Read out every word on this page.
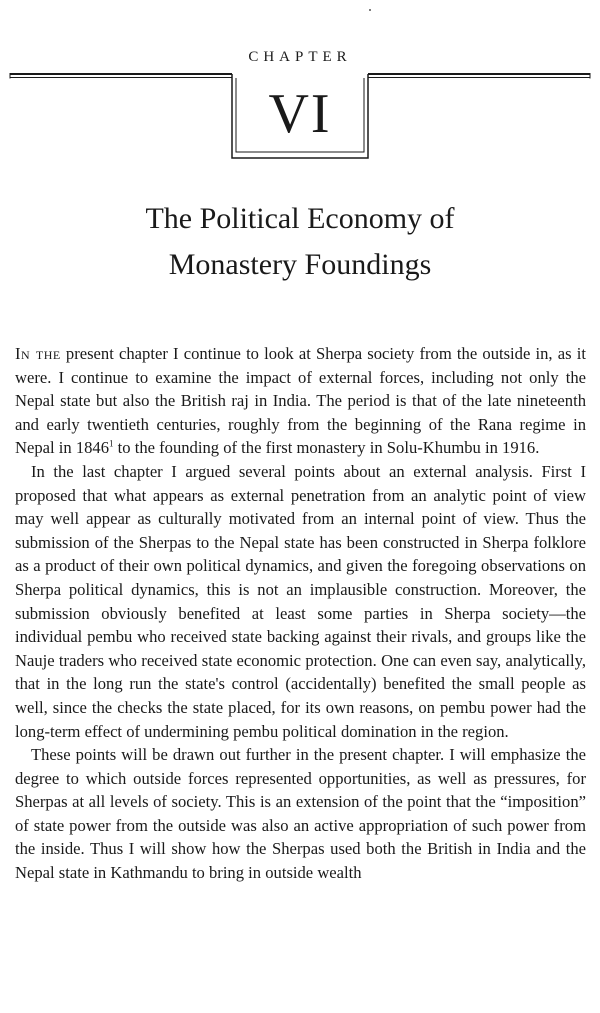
CHAPTER
VI
The Political Economy of
Monastery Foundings

In the present chapter I continue to look at Sherpa society from the outside in, as it were. I continue to examine the impact of external forces, including not only the Nepal state but also the British raj in India. The period is that of the late nineteenth and early twentieth centuries, roughly from the beginning of the Rana regime in Nepal in 1846$^1$ to the founding of the first monastery in Solu-Khumbu in 1916.

In the last chapter I argued several points about an external analysis. First I proposed that what appears as external penetration from an analytic point of view may well appear as culturally motivated from an internal point of view. Thus the submission of the Sherpas to the Nepal state has been constructed in Sherpa folklore as a product of their own political dynamics, and given the foregoing observations on Sherpa political dynamics, this is not an implausible construction. Moreover, the submission obviously benefited at least some parties in Sherpa society—the individual pembu who received state backing against their rivals, and groups like the Nauje traders who received state economic protection. One can even say, analytically, that in the long run the state's control (accidentally) benefited the small people as well, since the checks the state placed, for its own reasons, on pembu power had the long-term effect of undermining pembu political domination in the region.

These points will be drawn out further in the present chapter. I will emphasize the degree to which outside forces represented opportunities, as well as pressures, for Sherpas at all levels of society. This is an extension of the point that the “imposition” of state power from the outside was also an active appropriation of such power from the inside. Thus I will show how the Sherpas used both the British in India and the Nepal state in Kathmandu to bring in outside wealth
